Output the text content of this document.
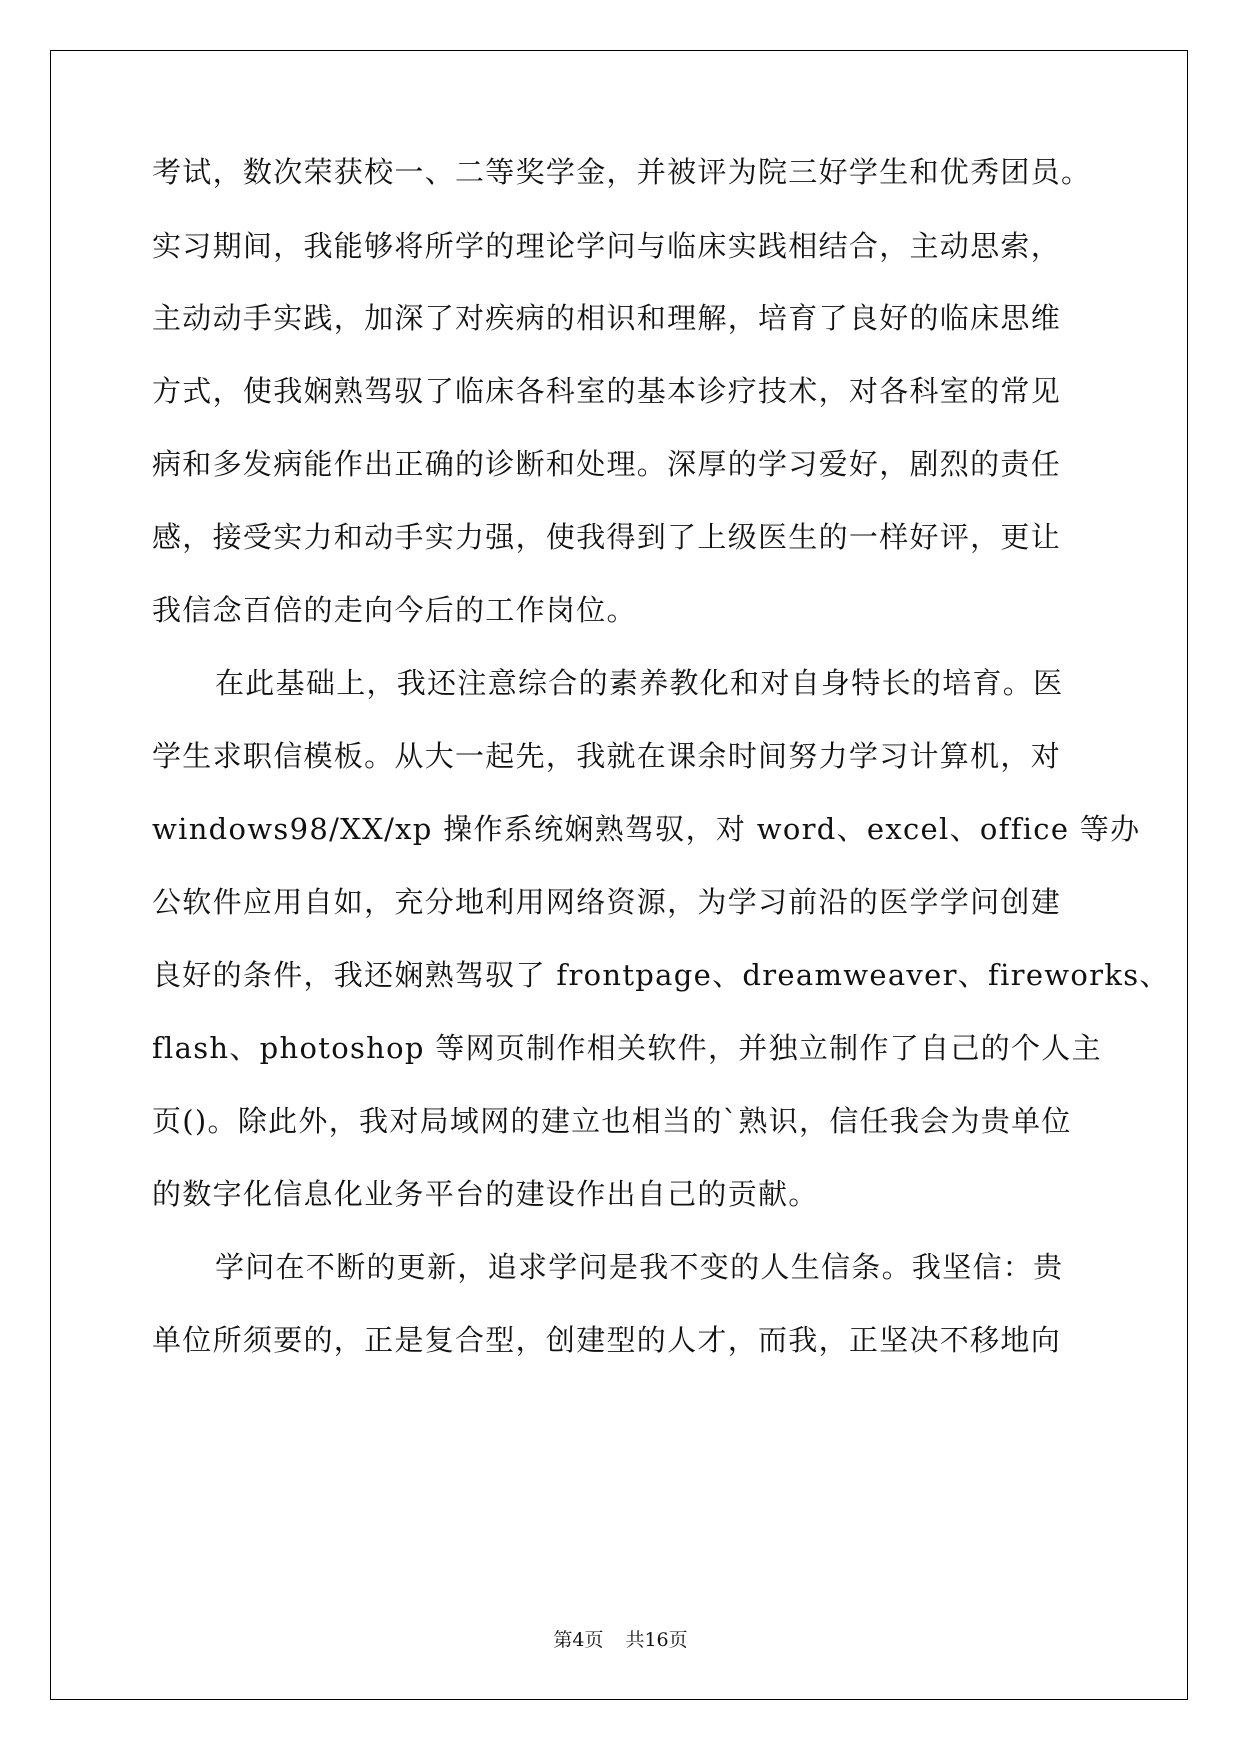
考试，数次荣获校一、二等奖学金，并被评为院三好学生和优秀团员。
实习期间，我能够将所学的理论学问与临床实践相结合，主动思索，
主动动手实践，加深了对疾病的相识和理解，培育了良好的临床思维
方式，使我娴熟驾驭了临床各科室的基本诊疗技术，对各科室的常见
病和多发病能作出正确的诊断和处理。深厚的学习爱好，剧烈的责任
感，接受实力和动手实力强，使我得到了上级医生的一样好评，更让
我信念百倍的走向今后的工作岗位。
在此基础上，我还注意综合的素养教化和对自身特长的培育。医
学生求职信模板。从大一起先，我就在课余时间努力学习计算机，对
windows98/XX/xp 操作系统娴熟驾驭，对 word、excel、office 等办
公软件应用自如，充分地利用网络资源，为学习前沿的医学学问创建
良好的条件，我还娴熟驾驭了 frontpage、dreamweaver、fireworks、
flash、photoshop 等网页制作相关软件，并独立制作了自己的个人主
页()。除此外，我对局域网的建立也相当的`熟识，信任我会为贵单位
的数字化信息化业务平台的建设作出自己的贡献。
学问在不断的更新，追求学问是我不变的人生信条。我坚信：贵
单位所须要的，正是复合型，创建型的人才，而我，正坚决不移地向
第4页 共16页
